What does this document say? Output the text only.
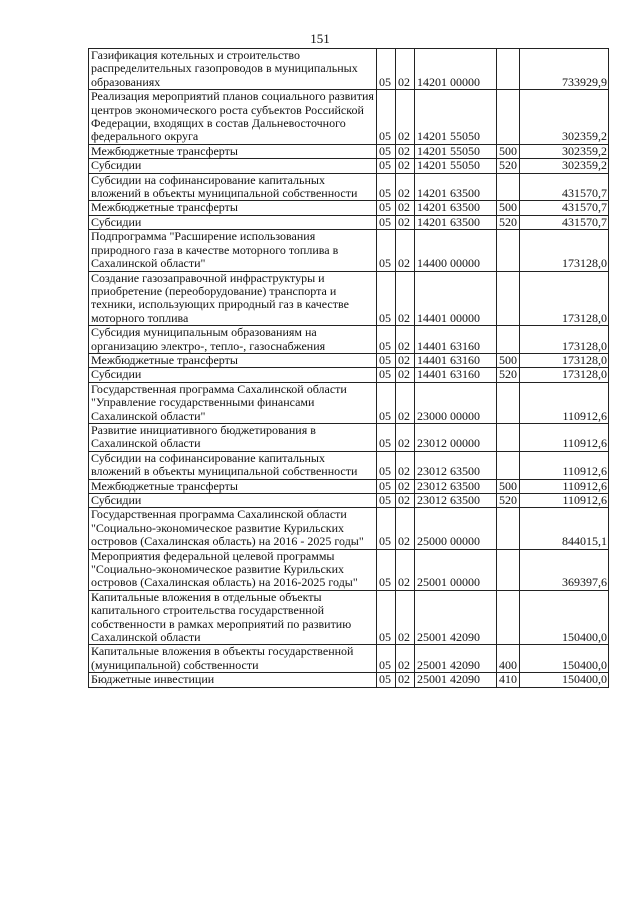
151
Газификация котельных и строительство распределительных газопроводов в муниципальных образованиях	05	02	14201 00000		733929,9
Реализация мероприятий планов социального развития центров экономического роста субъектов Российской Федерации, входящих в состав Дальневосточного федерального округа	05	02	14201 55050		302359,2
Межбюджетные трансферты	05	02	14201 55050	500	302359,2
Субсидии	05	02	14201 55050	520	302359,2
Субсидии на софинансирование капитальных вложений в объекты муниципальной собственности	05	02	14201 63500		431570,7
Межбюджетные трансферты	05	02	14201 63500	500	431570,7
Субсидии	05	02	14201 63500	520	431570,7
Подпрограмма "Расширение использования природного газа в качестве моторного топлива в Сахалинской области"	05	02	14400 00000		173128,0
Создание газозаправочной инфраструктуры и приобретение (переоборудование) транспорта и техники, использующих природный газ в качестве моторного топлива	05	02	14401 00000		173128,0
Субсидия муниципальным образованиям на организацию электро-, тепло-, газоснабжения	05	02	14401 63160		173128,0
Межбюджетные трансферты	05	02	14401 63160	500	173128,0
Субсидии	05	02	14401 63160	520	173128,0
Государственная программа Сахалинской области "Управление государственными финансами Сахалинской области"	05	02	23000 00000		110912,6
Развитие инициативного бюджетирования в Сахалинской области	05	02	23012 00000		110912,6
Субсидии на софинансирование капитальных вложений в объекты муниципальной собственности	05	02	23012 63500		110912,6
Межбюджетные трансферты	05	02	23012 63500	500	110912,6
Субсидии	05	02	23012 63500	520	110912,6
Государственная программа Сахалинской области "Социально-экономическое развитие Курильских островов (Сахалинская область) на 2016 - 2025 годы"	05	02	25000 00000		844015,1
Мероприятия федеральной целевой программы "Социально-экономическое развитие Курильских островов (Сахалинская область) на 2016-2025 годы"	05	02	25001 00000		369397,6
Капитальные вложения в отдельные объекты капитального строительства государственной собственности в рамках мероприятий по развитию Сахалинской области	05	02	25001 42090		150400,0
Капитальные вложения в объекты государственной (муниципальной) собственности	05	02	25001 42090	400	150400,0
Бюджетные инвестиции	05	02	25001 42090	410	150400,0
